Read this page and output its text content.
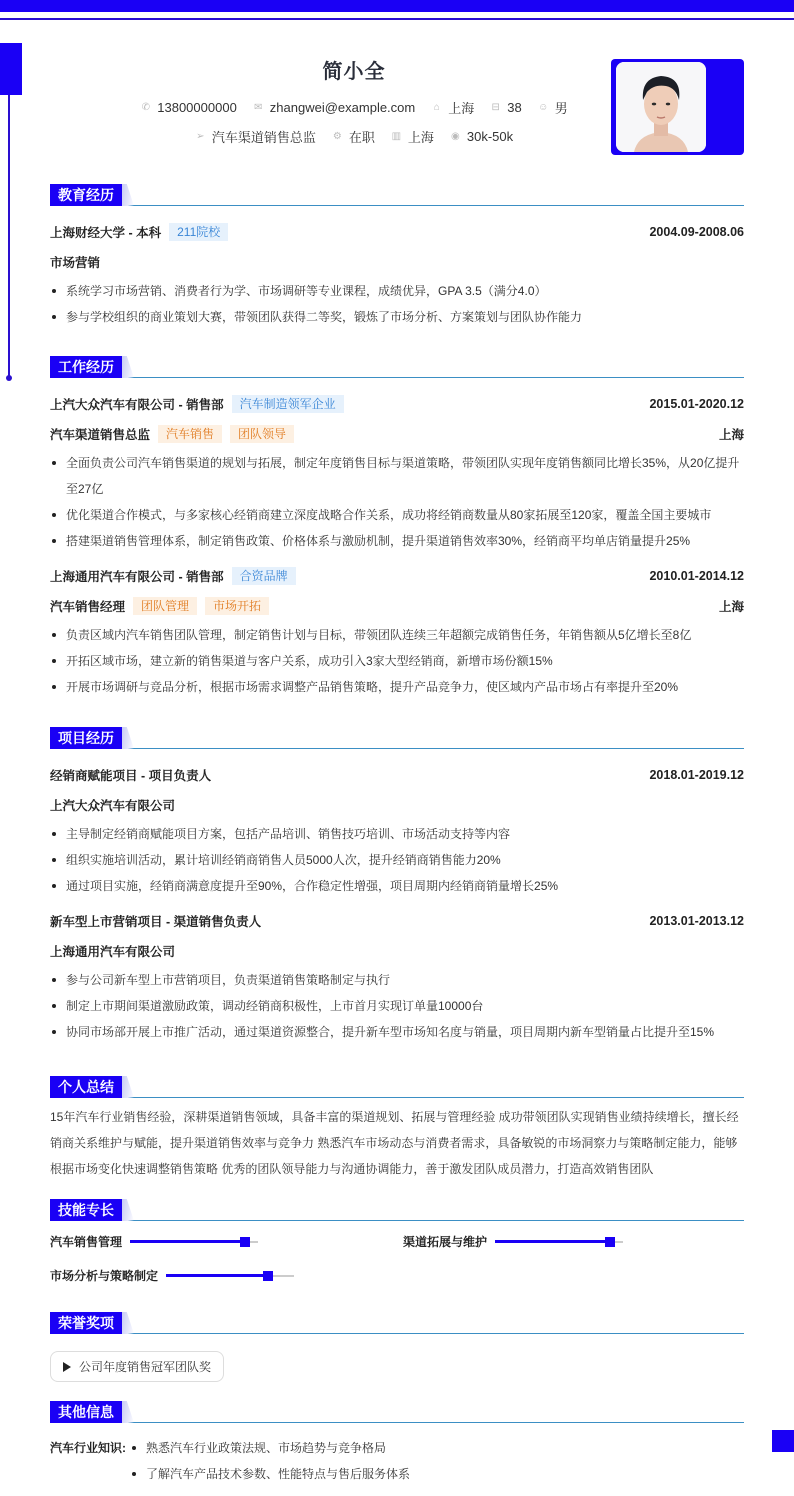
简小全
✆ 13800000000 ✉ zhangwei@example.com ⌂ 上海 ⊟ 38 ☺ 男
➢ 汽车渠道销售总监 ⚙ 在职 ▥ 上海 ◉ 30k-50k
教育经历
上海财经大学 - 本科	211院校	2004.09-2008.06
市场营销
系统学习市场营销、消费者行为学、市场调研等专业课程，成绩优异，GPA 3.5（满分4.0）
参与学校组织的商业策划大赛，带领团队获得二等奖，锻炼了市场分析、方案策划与团队协作能力
工作经历
上汽大众汽车有限公司 - 销售部	汽车制造领军企业	2015.01-2020.12
汽车渠道销售总监	汽车销售	团队领导	上海
全面负责公司汽车销售渠道的规划与拓展，制定年度销售目标与渠道策略，带领团队实现年度销售额同比增长35%，从20亿提升至27亿
优化渠道合作模式，与多家核心经销商建立深度战略合作关系，成功将经销商数量从80家拓展至120家，覆盖全国主要城市
搭建渠道销售管理体系，制定销售政策、价格体系与激励机制，提升渠道销售效率30%，经销商平均单店销量提升25%
上海通用汽车有限公司 - 销售部	合资品牌	2010.01-2014.12
汽车销售经理	团队管理	市场开拓	上海
负责区域内汽车销售团队管理，制定销售计划与目标，带领团队连续三年超额完成销售任务，年销售额从5亿增长至8亿
开拓区域市场，建立新的销售渠道与客户关系，成功引入3家大型经销商，新增市场份额15%
开展市场调研与竞品分析，根据市场需求调整产品销售策略，提升产品竞争力，使区域内产品市场占有率提升至20%
项目经历
经销商赋能项目 - 项目负责人	2018.01-2019.12
上汽大众汽车有限公司
主导制定经销商赋能项目方案，包括产品培训、销售技巧培训、市场活动支持等内容
组织实施培训活动，累计培训经销商销售人员5000人次，提升经销商销售能力20%
通过项目实施，经销商满意度提升至90%，合作稳定性增强，项目周期内经销商销量增长25%
新车型上市营销项目 - 渠道销售负责人	2013.01-2013.12
上海通用汽车有限公司
参与公司新车型上市营销项目，负责渠道销售策略制定与执行
制定上市期间渠道激励政策，调动经销商积极性，上市首月实现订单量10000台
协同市场部开展上市推广活动，通过渠道资源整合，提升新车型市场知名度与销量，项目周期内新车型销量占比提升至15%
个人总结
15年汽车行业销售经验，深耕渠道销售领域，具备丰富的渠道规划、拓展与管理经验 成功带领团队实现销售业绩持续增长，擅长经销商关系维护与赋能，提升渠道销售效率与竞争力 熟悉汽车市场动态与消费者需求，具备敏锐的市场洞察力与策略制定能力，能够根据市场变化快速调整销售策略 优秀的团队领导能力与沟通协调能力，善于激发团队成员潜力，打造高效销售团队
技能专长
汽车销售管理	渠道拓展与维护
市场分析与策略制定
荣誉奖项
公司年度销售冠军团队奖
其他信息
汽车行业知识:	熟悉汽车行业政策法规、市场趋势与竞争格局
了解汽车产品技术参数、性能特点与售后服务体系
